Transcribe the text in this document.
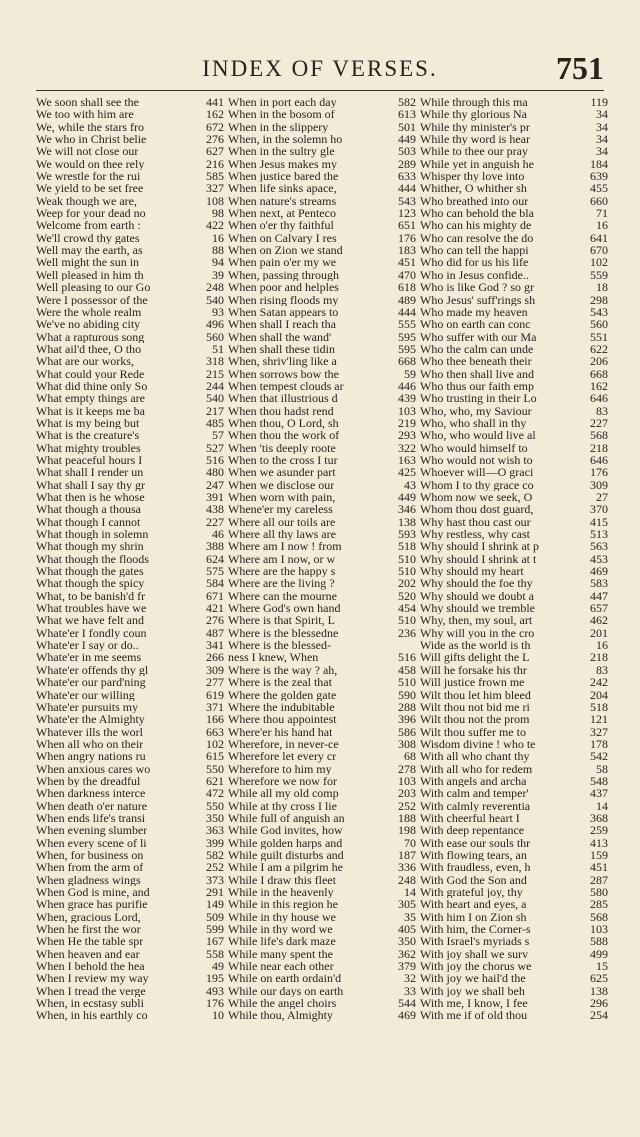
INDEX OF VERSES.	751
We soon shall see the	441
We too with him are	162
We, while the stars fro	672
We who in Christ belie	276
We will not close our	627
We would on thee rely	216
We wrestle for the rui	585
We yield to be set free	327
Weak though we are,	108
Weep for your dead no	98
Welcome from earth :	422
We'll crowd thy gates	16
Well may the earth, as	88
Well might the sun in	94
Well pleased in him th	39
Well pleasing to our Go	248
Were I possessor of the	540
Were the whole realm	93
We've no abiding city	496
What a rapturous song	560
What ail'd thee, O tho	51
What are our works,	318
What could your Rede	215
What did thine only So	244
What empty things are	540
What is it keeps me ba	217
What is my being but	485
What is the creature's	57
What mighty troubles	527
What peaceful hours I	516
What shall I render un	480
What shall I say thy gr	247
What then is he whose	391
What though a thousa	438
What though I cannot	227
What though in solemn	46
What though my shrin	388
What though the floods	624
What though the gates	575
What though the spicy	584
What, to be banish'd fr	671
What troubles have we	421
What we have felt and	276
Whate'er I fondly coun	487
Whate'er I say or do..	341
Whate'er in me seems	266
Whate'er offends thy gl	309
Whate'er our pard'ning	277
Whate'er our willing	619
Whate'er pursuits my	371
Whate'er the Almighty	166
Whatever ills the worl	663
When all who on their	102
When angry nations ru	615
When anxious cares wo	550
When by the dreadful	621
When darkness interce	472
When death o'er nature	550
When ends life's transi	350
When evening slumber	363
When every scene of li	399
When, for business on	582
When from the arm of	252
When gladness wings	373
When God is mine, and	291
When grace has purifie	149
When, gracious Lord,	509
When he first the wor	599
When He the table spr	167
When heaven and ear	558
When I behold the hea	49
When I review my way	195
When I tread the verge	493
When, in ecstasy subli	176
When, in his earthly co	10
When in port each day	582
When in the bosom of	613
When in the slippery	501
When, in the solemn ho	449
When in the sultry gle	503
When Jesus makes my	289
When justice bared the	633
When life sinks apace,	444
When nature's streams	543
When next, at Penteco	123
When o'er thy faithful	651
When on Calvary I res	176
When on Zion we stand	183
When pain o'er my we	451
When, passing through	470
When poor and helples	618
When rising floods my	489
When Satan appears to	444
When shall I reach tha	555
When shall the wand'	595
When shall these tidin	595
When, shriv'ling like a	668
When sorrows bow the	59
When tempest clouds ar	446
When that illustrious d	439
When thou hadst rend	103
When thou, O Lord, sh	219
When thou the work of	293
When 'tis deeply roote	322
When to the cross I tur	163
When we asunder part	425
When we disclose our	43
When worn with pain,	449
Whene'er my careless	346
Where all our toils are	138
Where all thy laws are	593
Where am I now ! from	518
Where am I now, or w	510
Where are the happy s	510
Where are the living ?	202
Where can the mourne	520
Where God's own hand	454
Where is that Spirit, L	510
Where is the blessedne	236
Where is the blessed-
ness I knew, When	516
Where is the way ? ah,	458
Where is the zeal that	510
Where the golden gate	590
Where the indubitable	288
Where thou appointest	396
Where'er his hand hat	586
Wherefore, in never-ce	308
Wherefore let every cr	68
Wherefore to him my	278
Wherefore we now for	103
While all my old comp	203
While at thy cross I lie	252
While full of anguish an	188
While God invites, how	198
While golden harps and	70
While guilt disturbs and	187
While I am a pilgrim he	336
While I draw this fleet	248
While in the heavenly	14
While in this region he	305
While in thy house we	35
While in thy word we	405
While life's dark maze	350
While many spent the	362
While near each other	379
While on earth ordain'd	32
While our days on earth	33
While the angel choirs	544
While thou, Almighty	469
While through this ma	119
While thy glorious Na	34
While thy minister's pr	34
While thy word is hear	34
While to thee our pray	34
While yet in anguish he	184
Whisper thy love into	639
Whither, O whither sh	455
Who breathed into our	660
Who can behold the bla	71
Who can his mighty de	16
Who can resolve the do	641
Who can tell the happi	670
Who did for us his life	102
Who in Jesus confide..	559
Who is like God ? so gr	18
Who Jesus' suff'rings sh	298
Who made my heaven	543
Who on earth can conc	560
Who suffer with our Ma	551
Who the calm can unde	622
Who thee beneath their	206
Who then shall live and	668
Who thus our faith emp	162
Who trusting in their Lo	646
Who, who, my Saviour	83
Who, who shall in thy	227
Who, who would live al	568
Who would himself to	218
Who would not wish to	646
Whoever will—O graci	176
Whom I to thy grace co	309
Whom now we seek, O	27
Whom thou dost guard,	370
Why hast thou cast our	415
Why restless, why cast	513
Why should I shrink at p	563
Why should I shrink at t	453
Why should my heart	469
Why should the foe thy	583
Why should we doubt a	447
Why should we tremble	657
Why, then, my soul, art	462
Why will you in the cro	201
Wide as the world is th	16
Will gifts delight the L	218
Will he forsake his thr	83
Will justice frown me	242
Wilt thou let him bleed	204
Wilt thou not bid me ri	518
Wilt thou not the prom	121
Wilt thou suffer me to	327
Wisdom divine ! who te	178
With all who chant thy	542
With all who for redem	58
With angels and archa	548
With calm and temper'	437
With calmly reverentia	14
With cheerful heart I	368
With deep repentance	259
With ease our souls thr	413
With flowing tears, an	159
With fraudless, even, h	451
With God the Son and	287
With grateful joy, thy	580
With heart and eyes, a	285
With him I on Zion sh	568
With him, the Corner-s	103
With Israel's myriads s	588
With joy shall we surv	499
With joy the chorus we	15
With joy we hail'd the	625
With joy we shall beh	138
With me, I know, I fee	296
With me if of old thou	254
